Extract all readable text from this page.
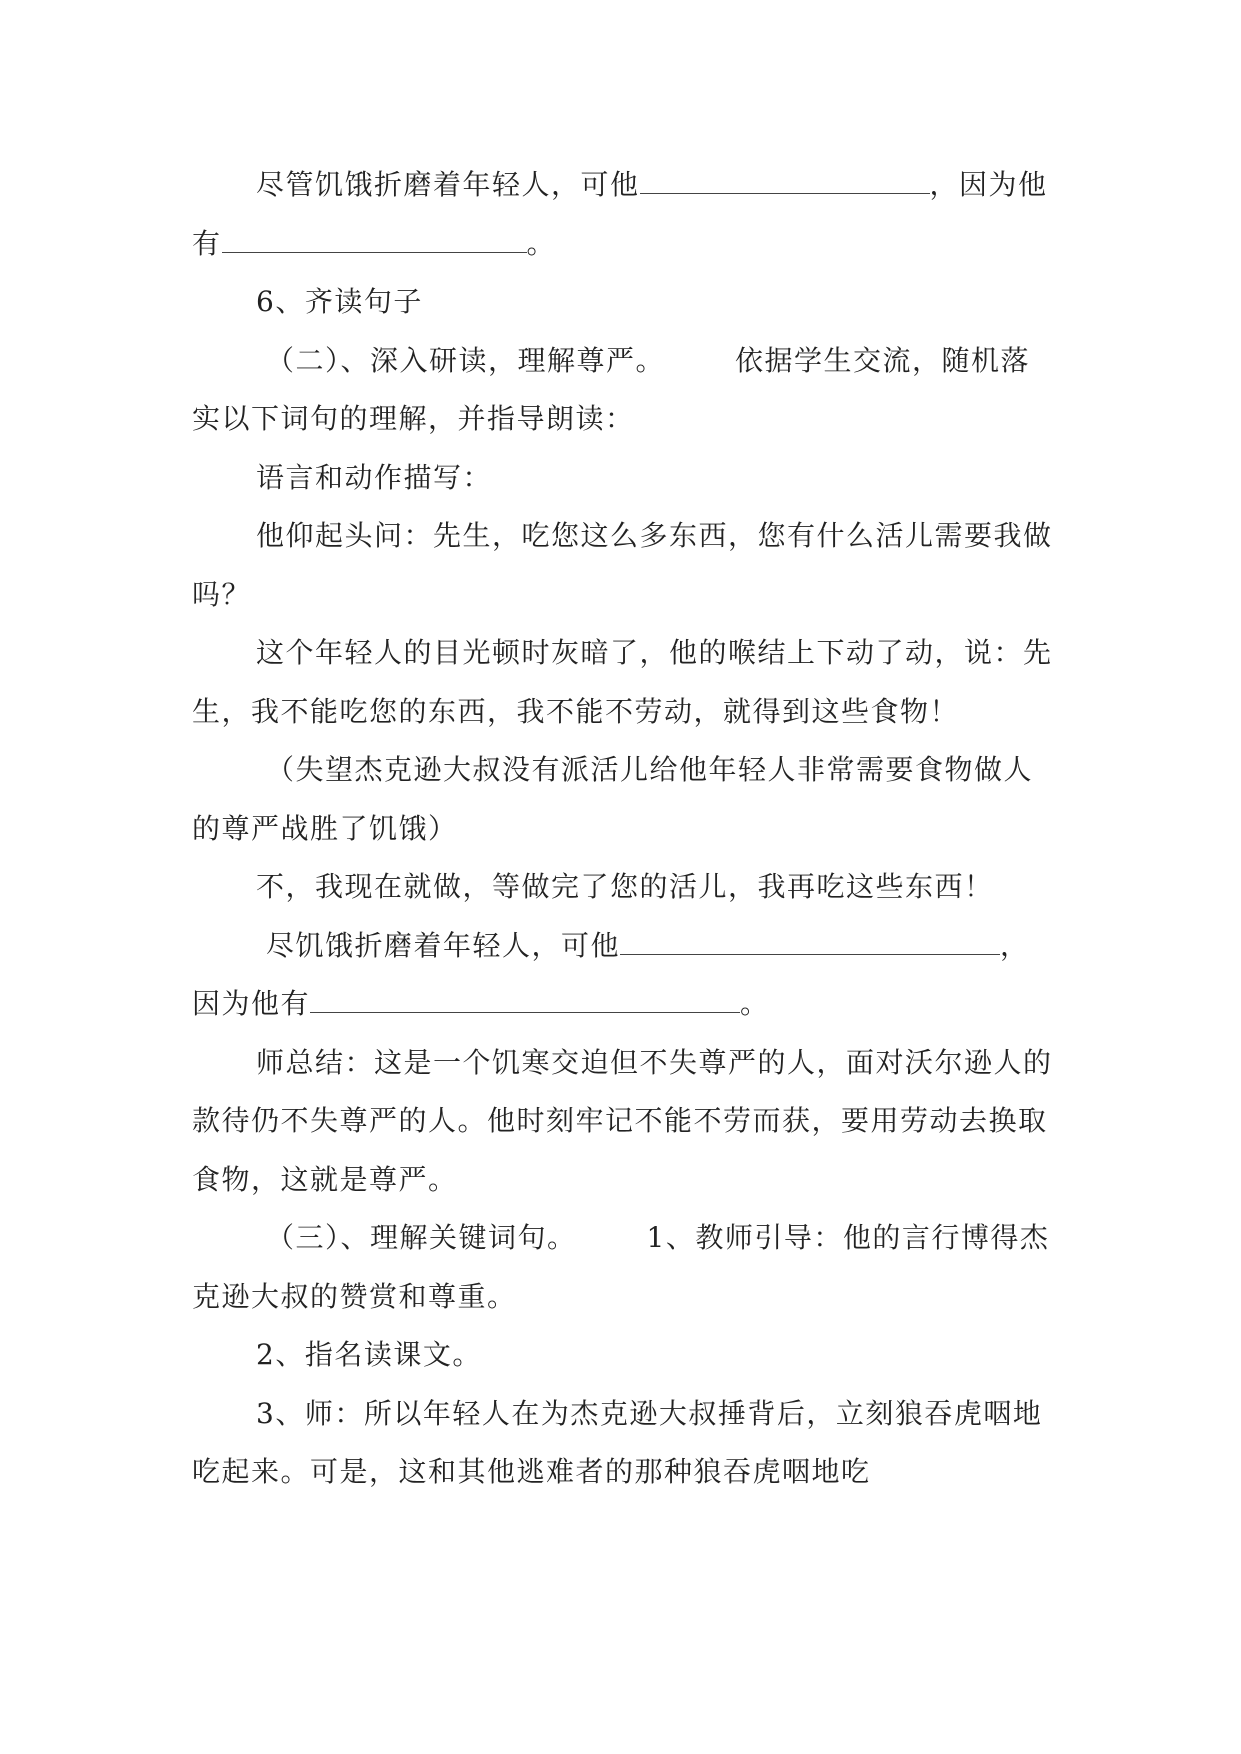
尽管饥饿折磨着年轻人，可他	，因为他有	。

6、齐读句子

（二）、深入研读，理解尊严。	依据学生交流，随机落实以下词句的理解，并指导朗读：

语言和动作描写：

他仰起头问：先生，吃您这么多东西，您有什么活儿需要我做吗？

这个年轻人的目光顿时灰暗了，他的喉结上下动了动，说：先生，我不能吃您的东西，我不能不劳动，就得到这些食物！

（失望杰克逊大叔没有派活儿给他年轻人非常需要食物做人的尊严战胜了饥饿）

不，我现在就做，等做完了您的活儿，我再吃这些东西！

尽饥饿折磨着年轻人，可他	，因为他有	。

师总结：这是一个饥寒交迫但不失尊严的人，面对沃尔逊人的款待仍不失尊严的人。他时刻牢记不能不劳而获，要用劳动去换取食物，这就是尊严。

（三）、理解关键词句。	1、教师引导：他的言行博得杰克逊大叔的赞赏和尊重。

2、指名读课文。

3、师：所以年轻人在为杰克逊大叔捶背后，立刻狼吞虎咽地吃起来。可是，这和其他逃难者的那种狼吞虎咽地吃
